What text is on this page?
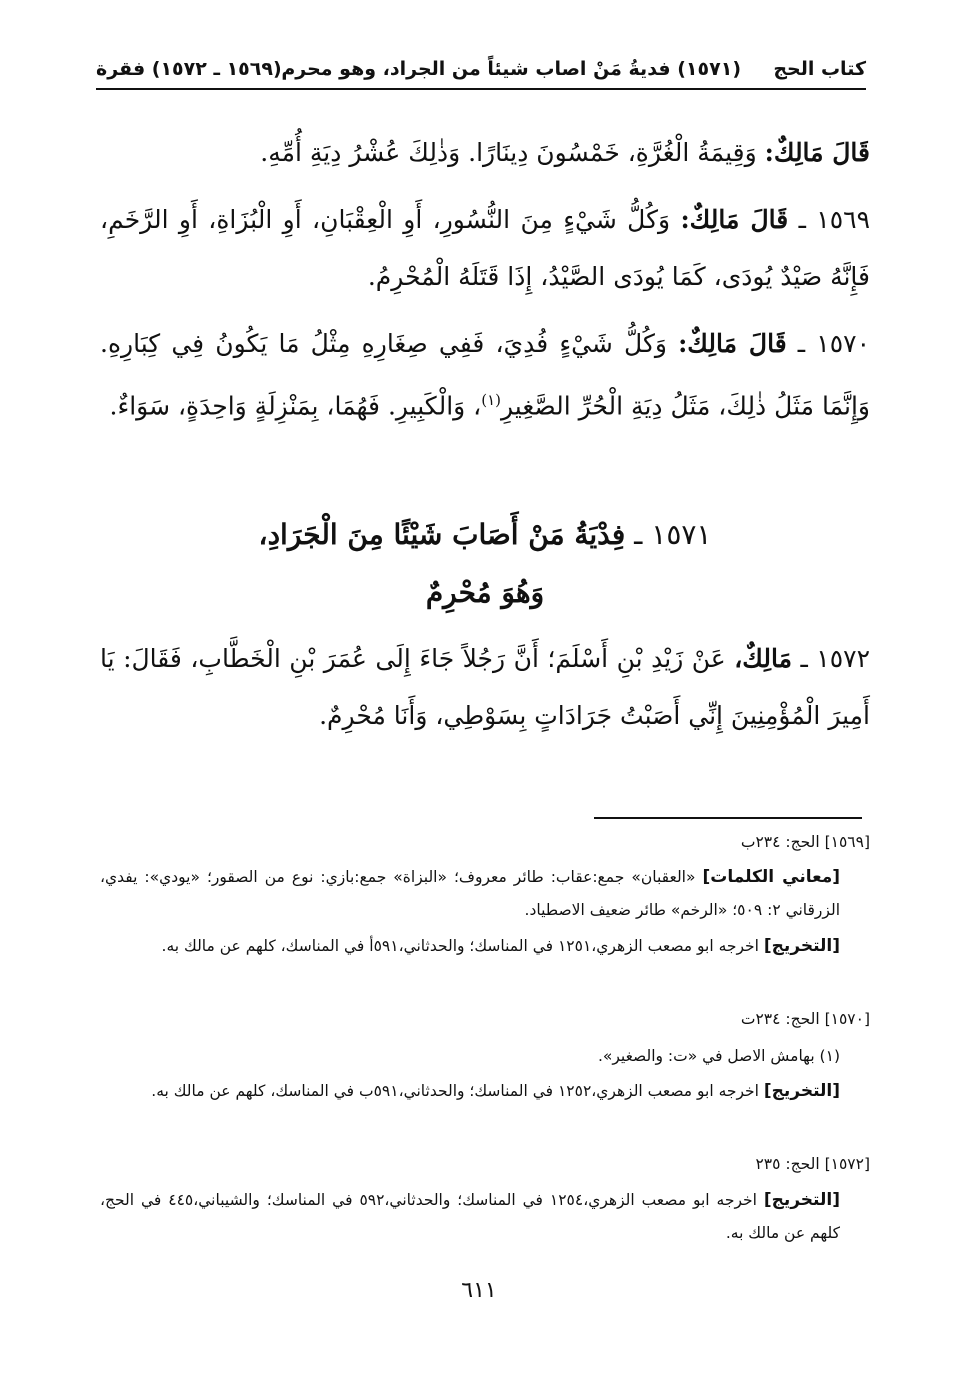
كتاب الحج
(١٥٧١) فديةُ مَنْ اصاب شيئاً من الجراد، وهو محرم
(١٥٦٩ ـ ١٥٧٢) فقرة

قَالَ مَالِكٌ: وَقِيمَةُ الْغُرَّةِ، خَمْسُونَ دِينَارًا. وَذٰلِكَ عُشْرُ دِيَةِ أُمِّهِ.

١٥٦٩ ـ قَالَ مَالِكٌ: وَكُلُّ شَيْءٍ مِنَ النُّسُورِ، أَوِ الْعِقْبَانِ، أَوِ الْبُزَاةِ، أَوِ الرَّخَمِ، فَإِنَّهُ صَيْدٌ يُودَى، كَمَا يُودَى الصَّيْدُ، إِذَا قَتَلَهُ الْمُحْرِمُ.

١٥٧٠ ـ قَالَ مَالِكٌ: وَكُلُّ شَيْءٍ فُدِيَ، فَفِي صِغَارِهِ مِثْلُ مَا يَكُونُ فِي كِبَارِهِ. وَإِنَّمَا مَثَلُ ذٰلِكَ، مَثَلُ دِيَةِ الْحُرِّ الصَّغِيرِ$^{(١)}$، وَالْكَبِيرِ. فَهُمَا، بِمَنْزِلَةٍ وَاحِدَةٍ، سَوَاءٌ.

١٥٧١ ـ فِدْيَةُ مَنْ أَصَابَ شَيْئًا مِنَ الْجَرَادِ،
وَهُوَ مُحْرِمٌ

١٥٧٢ ـ مَالِكٌ، عَنْ زَيْدِ بْنِ أَسْلَمَ؛ أَنَّ رَجُلاً جَاءَ إِلَى عُمَرَ بْنِ الْخَطَّابِ، فَقَالَ: يَا أَمِيرَ الْمُؤْمِنِينَ إِنِّي أَصَبْتُ جَرَادَاتٍ بِسَوْطِي، وَأَنَا مُحْرِمٌ.

[١٥٦٩] الحج: ٢٣٤ب
[معاني الكلمات] «العقبان» جمع:عقاب: طائر معروف؛ «البزاة» جمع:بازي: نوع من الصقور؛ «يودي»: يفدي، الزرقاني ٢: ٥٠٩؛ «الرخم» طائر ضعيف الاصطياد.
[التخريج] اخرجه ابو مصعب الزهري،١٢٥١ في المناسك؛ والحدثاني،٥٩١أ في المناسك، كلهم عن مالك به.
[١٥٧٠] الحج: ٢٣٤ت
(١) بهامش الاصل في «ت: والصغير».
[التخريج] اخرجه ابو مصعب الزهري،١٢٥٢ في المناسك؛ والحدثاني،٥٩١ب في المناسك، كلهم عن مالك به.
[١٥٧٢] الحج: ٢٣٥
[التخريج] اخرجه ابو مصعب الزهري،١٢٥٤ في المناسك؛ والحدثاني،٥٩٢ في المناسك؛ والشيباني،٤٤٥ في الحج، كلهم عن مالك به.
٦١١
